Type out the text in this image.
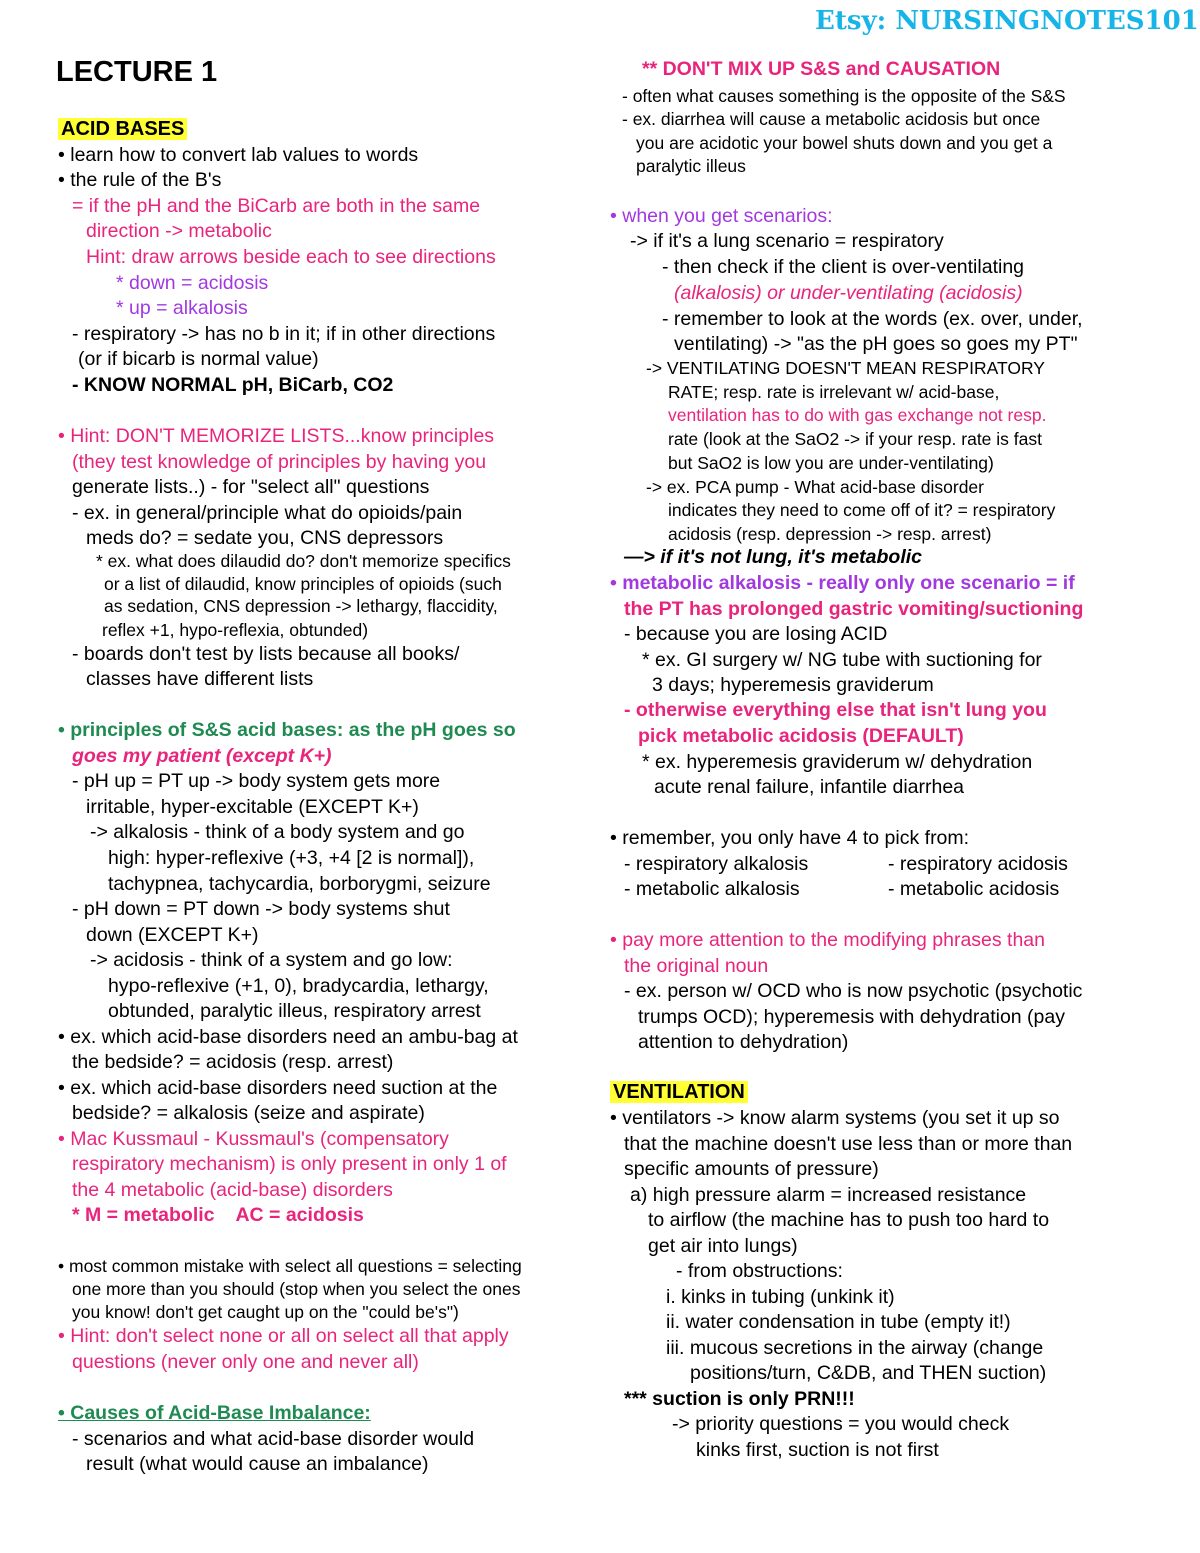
Etsy: NURSINGNOTES101
LECTURE 1
ACID BASES
• learn how to convert lab values to words
• the rule of the B's
= if the pH and the BiCarb are both in the same
direction -> metabolic
Hint: draw arrows beside each to see directions
* down = acidosis
* up = alkalosis
- respiratory -> has no b in it; if in other directions
(or if bicarb is normal value)
- KNOW NORMAL pH, BiCarb, CO2
• Hint: DON'T MEMORIZE LISTS...know principles
(they test knowledge of principles by having you
generate lists..) - for "select all" questions
- ex. in general/principle what do opioids/pain
meds do? = sedate you, CNS depressors
* ex. what does dilaudid do? don't memorize specifics
or a list of dilaudid, know principles of opioids (such
as sedation, CNS depression -> lethargy, flaccidity,
reflex +1, hypo-reflexia, obtunded)
- boards don't test by lists because all books/
classes have different lists
• principles of S&S acid bases: as the pH goes so
goes my patient (except K+)
- pH up = PT up -> body system gets more
irritable, hyper-excitable (EXCEPT K+)
-> alkalosis - think of a body system and go
high: hyper-reflexive (+3, +4 [2 is normal]),
tachypnea, tachycardia, borborygmi, seizure
- pH down = PT down -> body systems shut
down (EXCEPT K+)
-> acidosis - think of a system and go low:
hypo-reflexive (+1, 0), bradycardia, lethargy,
obtunded, paralytic illeus, respiratory arrest
• ex. which acid-base disorders need an ambu-bag at
the bedside? = acidosis (resp. arrest)
• ex. which acid-base disorders need suction at the
bedside? = alkalosis (seize and aspirate)
• Mac Kussmaul - Kussmaul's (compensatory
respiratory mechanism) is only present in only 1 of
the 4 metabolic (acid-base) disorders
* M = metabolic    AC = acidosis
• most common mistake with select all questions = selecting
one more than you should (stop when you select the ones
you know! don't get caught up on the "could be's")
• Hint: don't select none or all on select all that apply
questions (never only one and never all)
• Causes of Acid-Base Imbalance:
- scenarios and what acid-base disorder would
result (what would cause an imbalance)
** DON'T MIX UP S&S and CAUSATION
- often what causes something is the opposite of the S&S
- ex. diarrhea will cause a metabolic acidosis but once
you are acidotic your bowel shuts down and you get a
paralytic illeus
• when you get scenarios:
-> if it's a lung scenario = respiratory
- then check if the client is over-ventilating
(alkalosis) or under-ventilating (acidosis)
- remember to look at the words (ex. over, under,
ventilating) -> "as the pH goes so goes my PT"
-> VENTILATING DOESN'T MEAN RESPIRATORY
RATE; resp. rate is irrelevant w/ acid-base,
ventilation has to do with gas exchange not resp.
rate (look at the SaO2 -> if your resp. rate is fast
but SaO2 is low you are under-ventilating)
-> ex. PCA pump - What acid-base disorder
indicates they need to come off of it? = respiratory
acidosis (resp. depression -> resp. arrest)
—> if it's not lung, it's metabolic
• metabolic alkalosis - really only one scenario = if
the PT has prolonged gastric vomiting/suctioning
- because you are losing ACID
* ex. GI surgery w/ NG tube with suctioning for
3 days; hyperemesis graviderum
- otherwise everything else that isn't lung you
pick metabolic acidosis (DEFAULT)
* ex. hyperemesis graviderum w/ dehydration
acute renal failure, infantile diarrhea
• remember, you only have 4 to pick from:
- respiratory alkalosis	- respiratory acidosis
- metabolic alkalosis	- metabolic acidosis
• pay more attention to the modifying phrases than
the original noun
- ex. person w/ OCD who is now psychotic (psychotic
trumps OCD); hyperemesis with dehydration (pay
attention to dehydration)
VENTILATION
• ventilators -> know alarm systems (you set it up so
that the machine doesn't use less than or more than
specific amounts of pressure)
a) high pressure alarm = increased resistance
to airflow (the machine has to push too hard to
get air into lungs)
- from obstructions:
i. kinks in tubing (unkink it)
ii. water condensation in tube (empty it!)
iii. mucous secretions in the airway (change
positions/turn, C&DB, and THEN suction)
*** suction is only PRN!!!
-> priority questions = you would check
kinks first, suction is not first
